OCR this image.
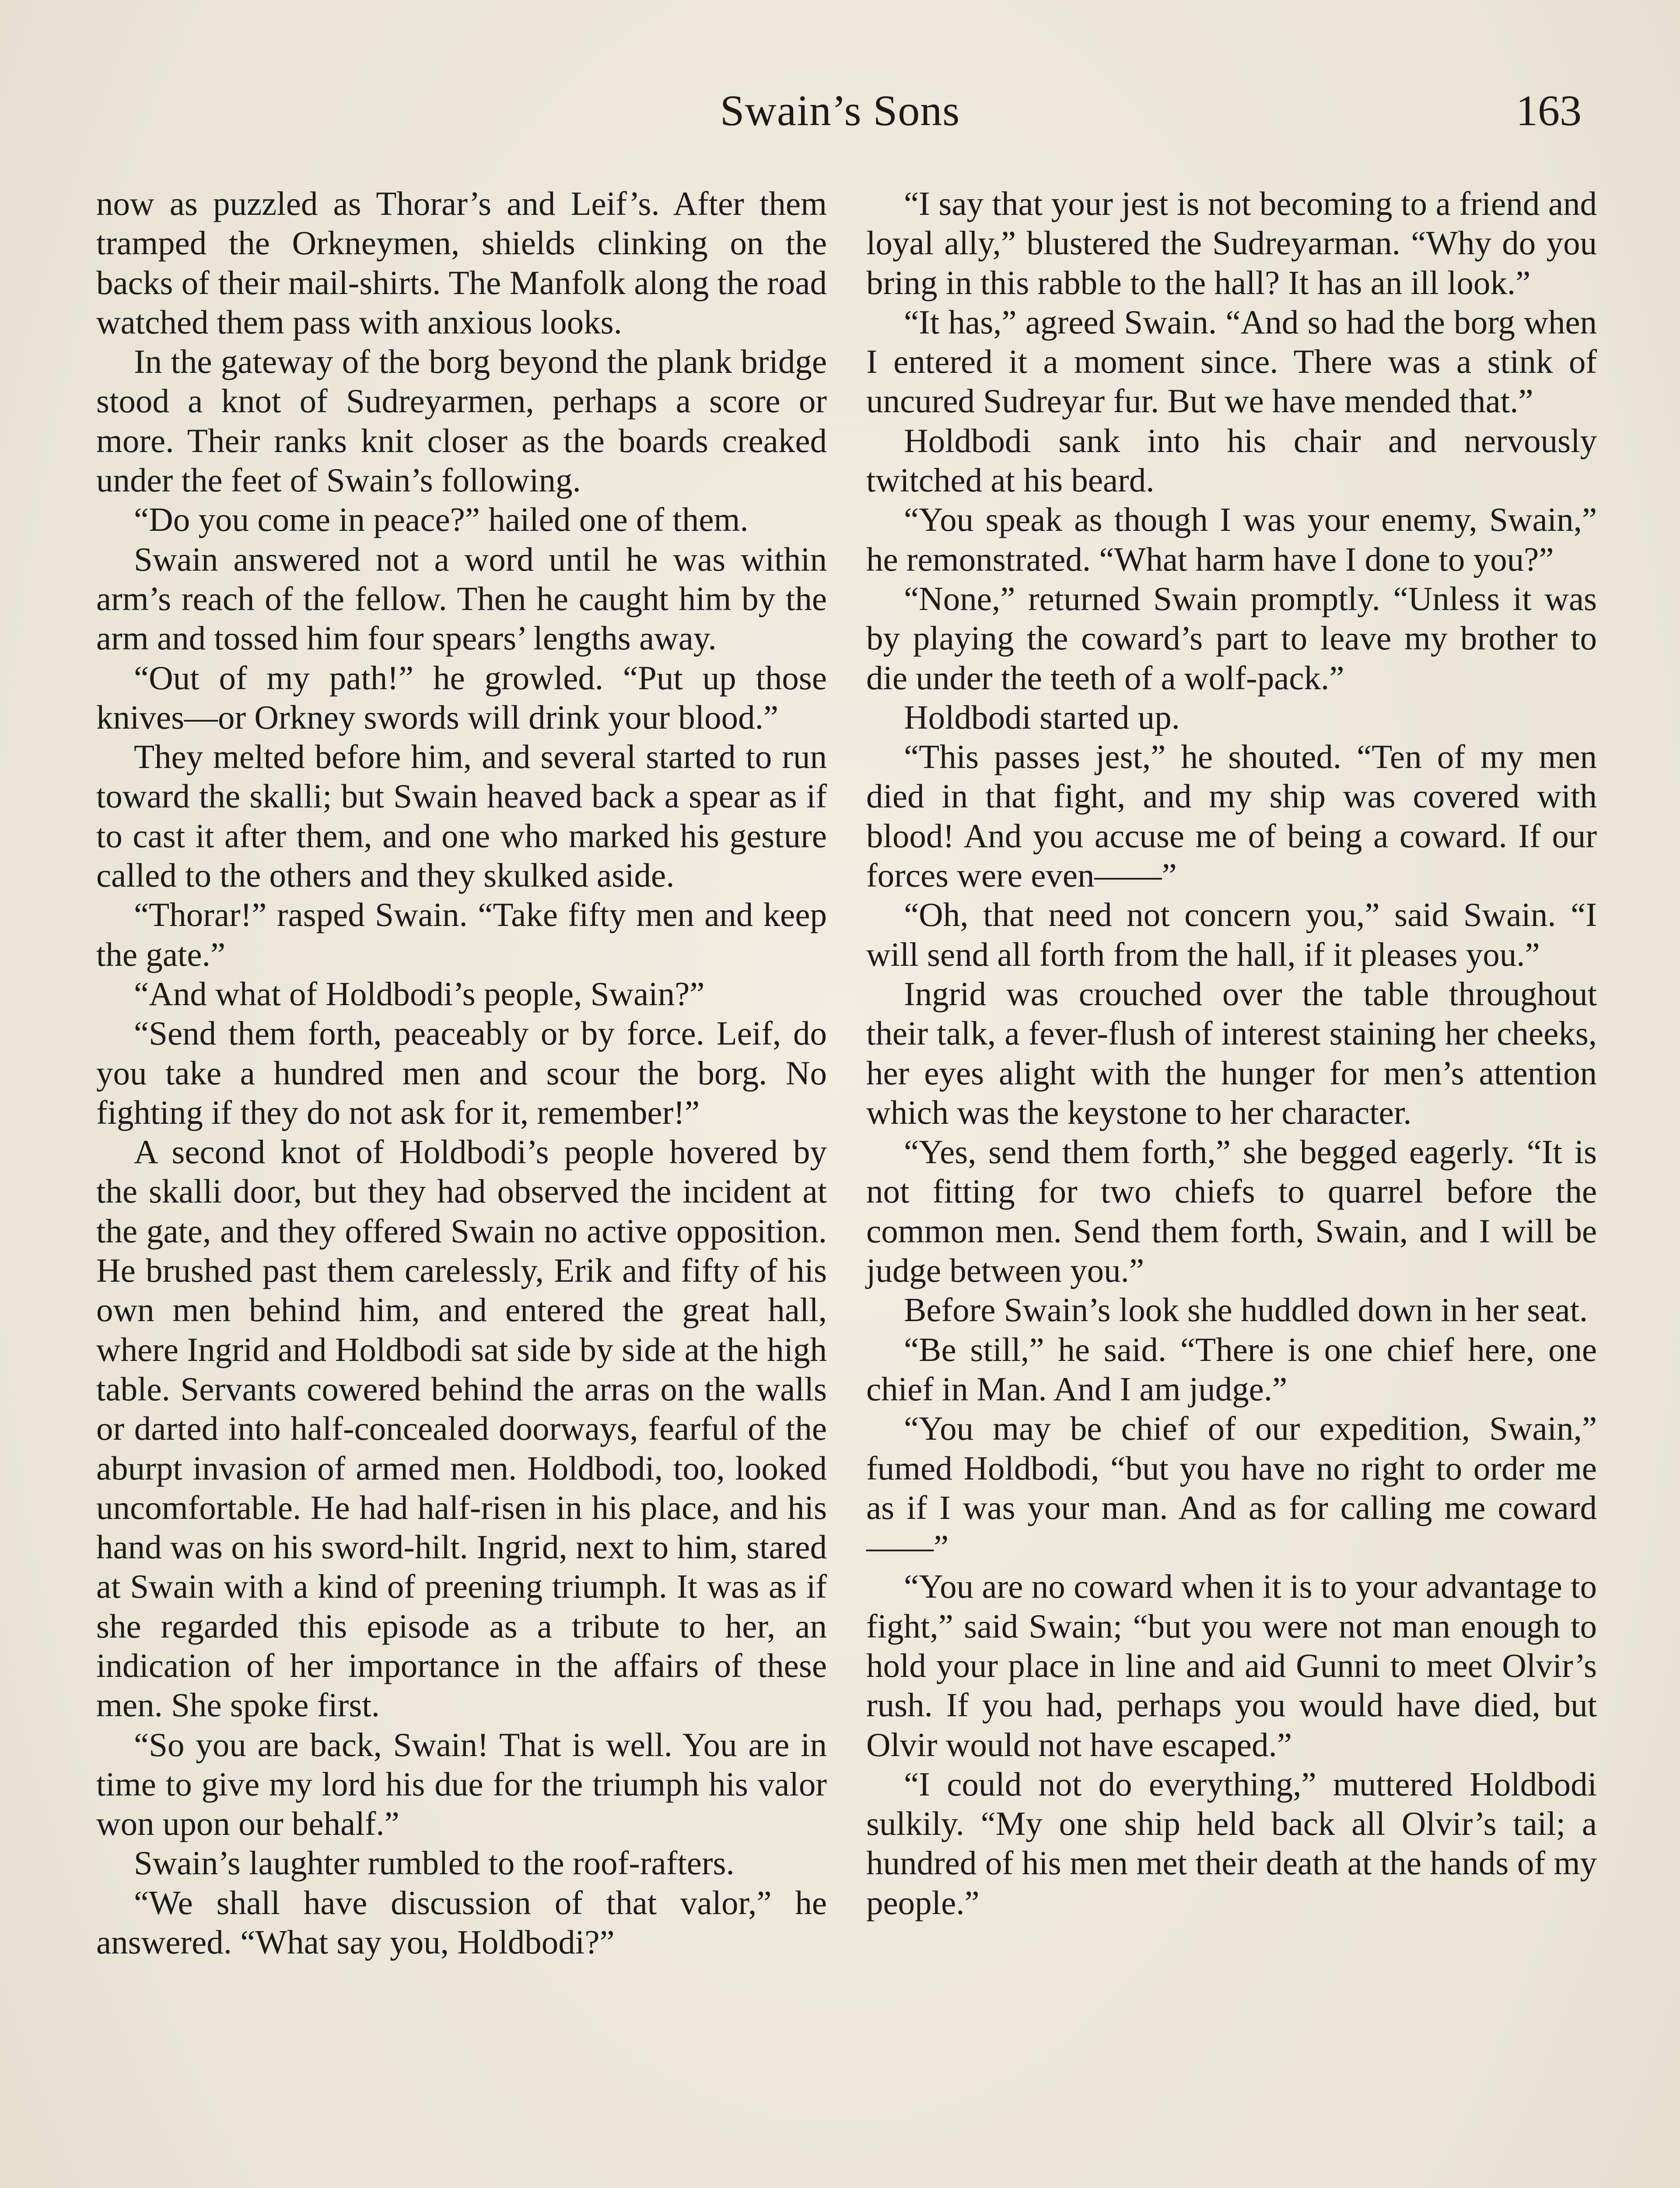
Swain’s Sons	163

now as puzzled as Thorar’s and Leif’s. After them tramped the Orkneymen, shields clinking on the backs of their mail-shirts. The Manfolk along the road watched them pass with anxious looks.

In the gateway of the borg beyond the plank bridge stood a knot of Sudreyarmen, perhaps a score or more. Their ranks knit closer as the boards creaked under the feet of Swain’s following.

“Do you come in peace?” hailed one of them.

Swain answered not a word until he was within arm’s reach of the fellow. Then he caught him by the arm and tossed him four spears’ lengths away.

“Out of my path!” he growled. “Put up those knives—or Orkney swords will drink your blood.”

They melted before him, and several started to run toward the skalli; but Swain heaved back a spear as if to cast it after them, and one who marked his gesture called to the others and they skulked aside.

“Thorar!” rasped Swain. “Take fifty men and keep the gate.”

“And what of Holdbodi’s people, Swain?”

“Send them forth, peaceably or by force. Leif, do you take a hundred men and scour the borg. No fighting if they do not ask for it, remember!”

A second knot of Holdbodi’s people hovered by the skalli door, but they had observed the incident at the gate, and they offered Swain no active opposition. He brushed past them carelessly, Erik and fifty of his own men behind him, and entered the great hall, where Ingrid and Holdbodi sat side by side at the high table. Servants cowered behind the arras on the walls or darted into half-concealed doorways, fearful of the aburpt invasion of armed men. Holdbodi, too, looked uncomfortable. He had half-risen in his place, and his hand was on his sword-hilt. Ingrid, next to him, stared at Swain with a kind of preening triumph. It was as if she regarded this episode as a tribute to her, an indication of her importance in the affairs of these men. She spoke first.

“So you are back, Swain! That is well. You are in time to give my lord his due for the triumph his valor won upon our behalf.”

Swain’s laughter rumbled to the roof-rafters.

“We shall have discussion of that valor,” he answered. “What say you, Holdbodi?”

“I say that your jest is not becoming to a friend and loyal ally,” blustered the Sudreyarman. “Why do you bring in this rabble to the hall? It has an ill look.”

“It has,” agreed Swain. “And so had the borg when I entered it a moment since. There was a stink of uncured Sudreyar fur. But we have mended that.”

Holdbodi sank into his chair and nervously twitched at his beard.

“You speak as though I was your enemy, Swain,” he remonstrated. “What harm have I done to you?”

“None,” returned Swain promptly. “Unless it was by playing the coward’s part to leave my brother to die under the teeth of a wolf-pack.”

Holdbodi started up.

“This passes jest,” he shouted. “Ten of my men died in that fight, and my ship was covered with blood! And you accuse me of being a coward. If our forces were even——”

“Oh, that need not concern you,” said Swain. “I will send all forth from the hall, if it pleases you.”

Ingrid was crouched over the table throughout their talk, a fever-flush of interest staining her cheeks, her eyes alight with the hunger for men’s attention which was the keystone to her character.

“Yes, send them forth,” she begged eagerly. “It is not fitting for two chiefs to quarrel before the common men. Send them forth, Swain, and I will be judge between you.”

Before Swain’s look she huddled down in her seat.

“Be still,” he said. “There is one chief here, one chief in Man. And I am judge.”

“You may be chief of our expedition, Swain,” fumed Holdbodi, “but you have no right to order me as if I was your man. And as for calling me coward——”

“You are no coward when it is to your advantage to fight,” said Swain; “but you were not man enough to hold your place in line and aid Gunni to meet Olvir’s rush. If you had, perhaps you would have died, but Olvir would not have escaped.”

“I could not do everything,” muttered Holdbodi sulkily. “My one ship held back all Olvir’s tail; a hundred of his men met their death at the hands of my people.”
